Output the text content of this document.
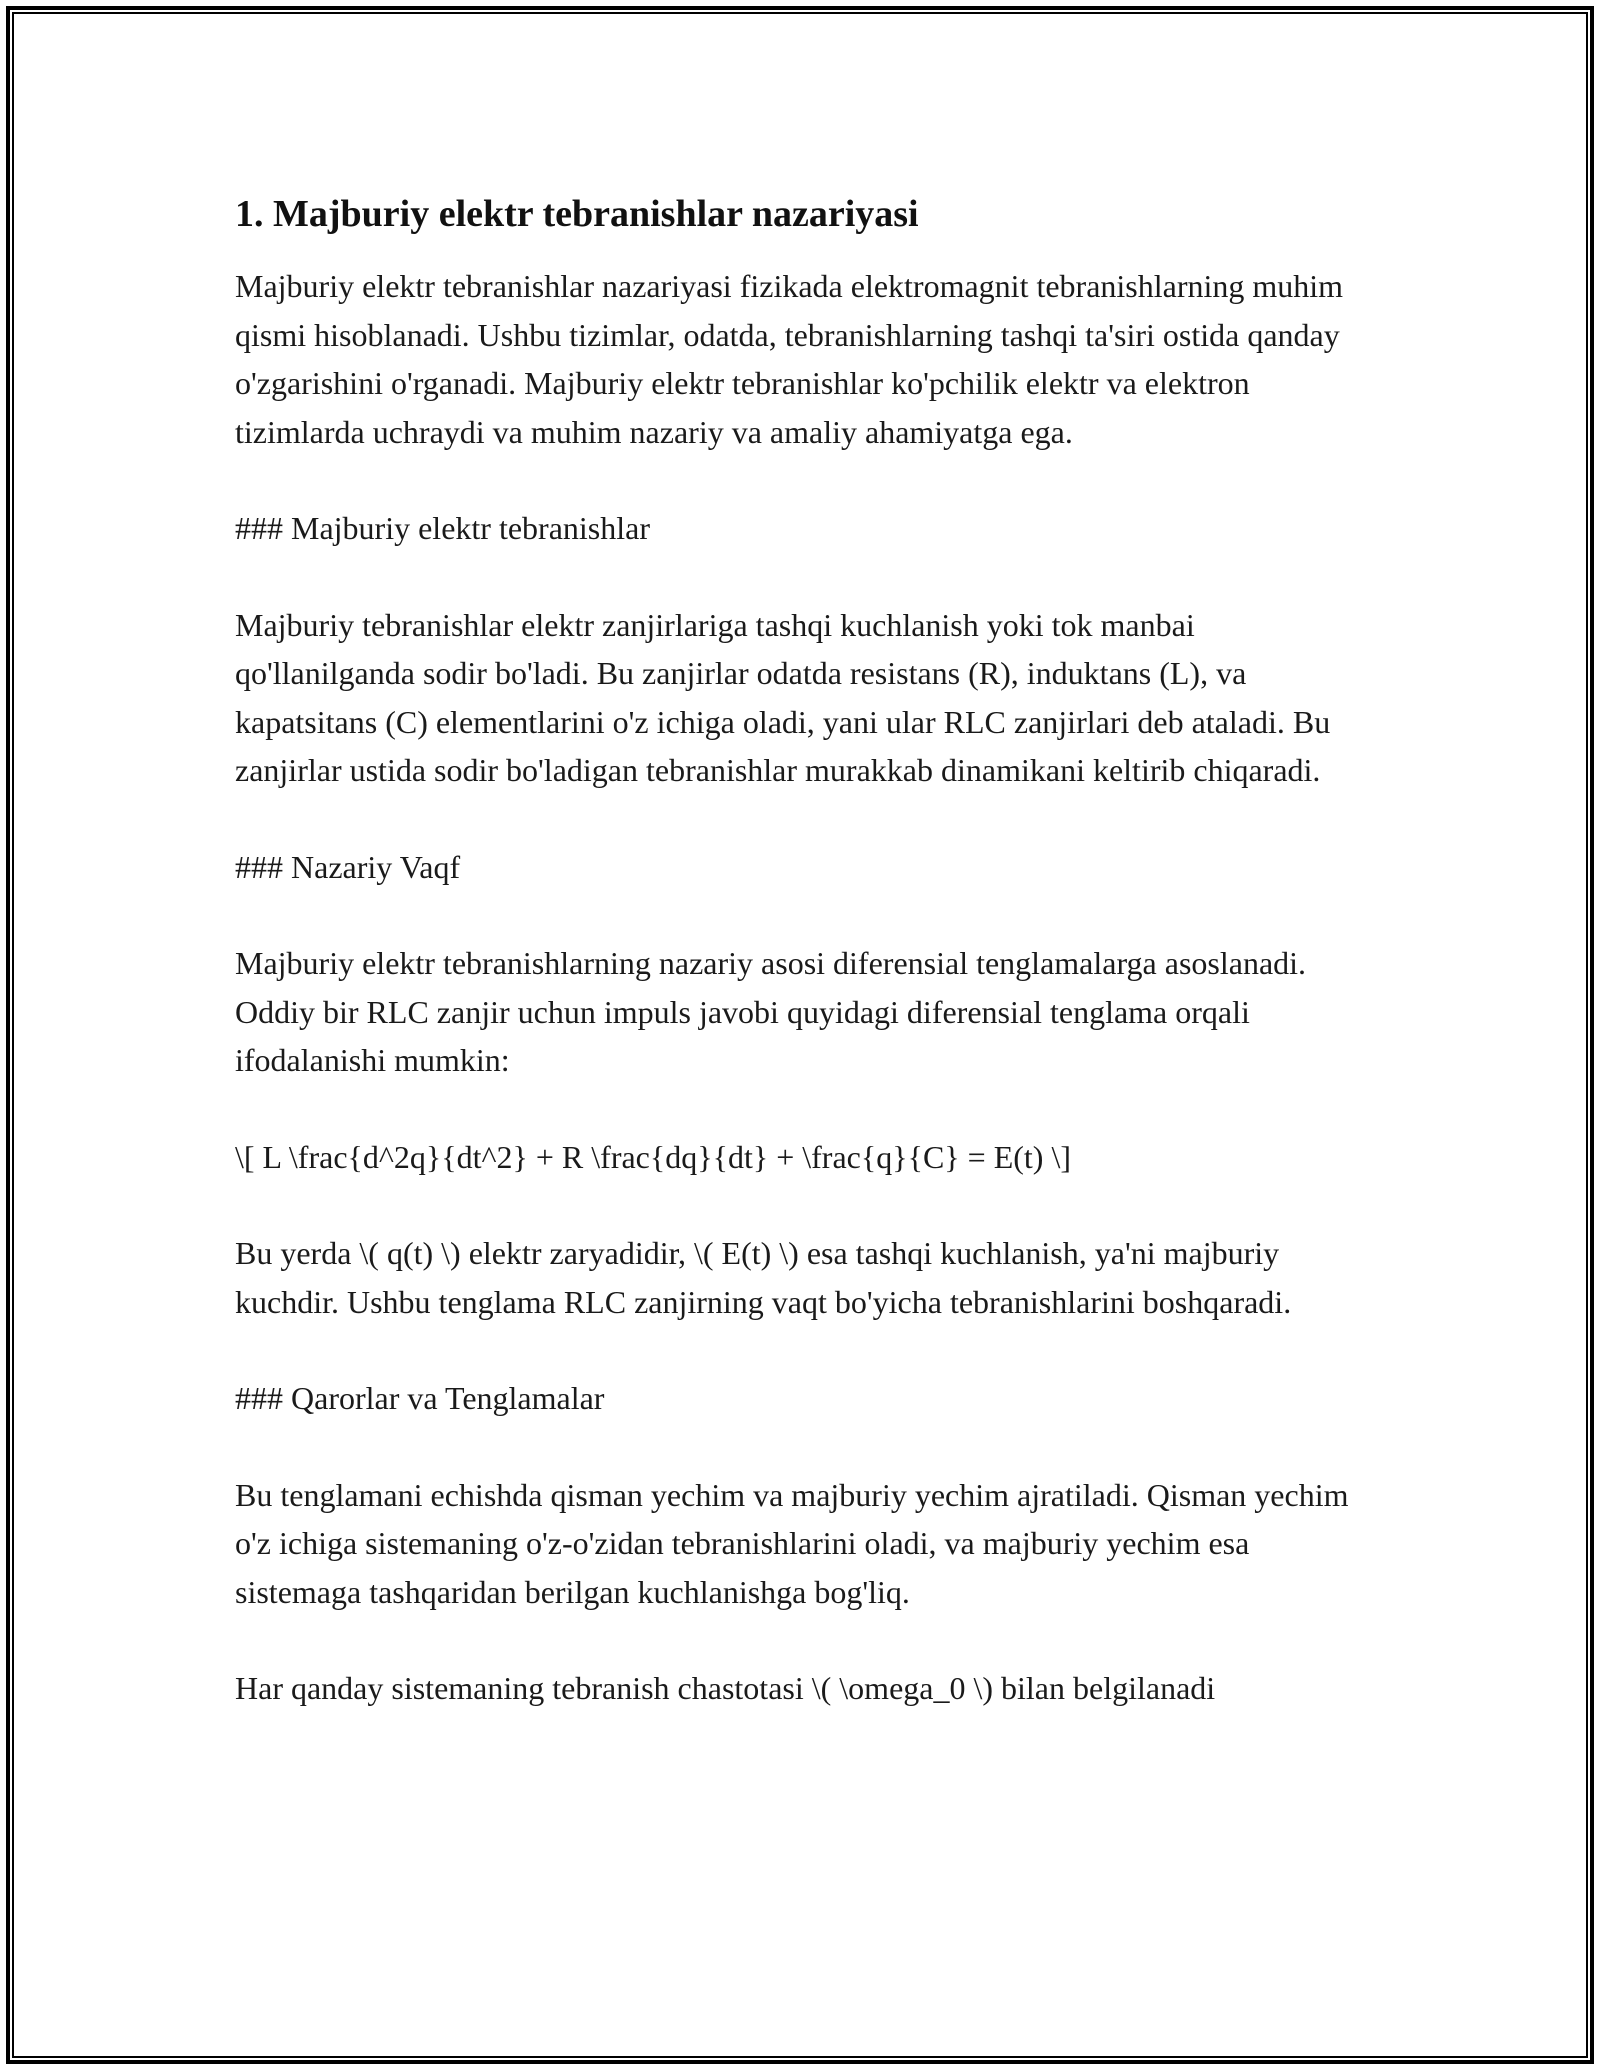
1. Majburiy elektr tebranishlar nazariyasi

Majburiy elektr tebranishlar nazariyasi fizikada elektromagnit tebranishlarning muhim qismi hisoblanadi. Ushbu tizimlar, odatda, tebranishlarning tashqi ta'siri ostida qanday o'zgarishini o'rganadi. Majburiy elektr tebranishlar ko'pchilik elektr va elektron tizimlarda uchraydi va muhim nazariy va amaliy ahamiyatga ega.

### Majburiy elektr tebranishlar

Majburiy tebranishlar elektr zanjirlariga tashqi kuchlanish yoki tok manbai qo'llanilganda sodir bo'ladi. Bu zanjirlar odatda resistans (R), induktans (L), va kapatsitans (C) elementlarini o'z ichiga oladi, yani ular RLC zanjirlari deb ataladi. Bu zanjirlar ustida sodir bo'ladigan tebranishlar murakkab dinamikani keltirib chiqaradi.

### Nazariy Vaqf

Majburiy elektr tebranishlarning nazariy asosi diferensial tenglamalarga asoslanadi. Oddiy bir RLC zanjir uchun impuls javobi quyidagi diferensial tenglama orqali ifodalanishi mumkin:

\[ L \frac{d^2q}{dt^2} + R \frac{dq}{dt} + \frac{q}{C} = E(t) \]

Bu yerda \( q(t) \) elektr zaryadidir, \( E(t) \) esa tashqi kuchlanish, ya'ni majburiy kuchdir. Ushbu tenglama RLC zanjirning vaqt bo'yicha tebranishlarini boshqaradi.

### Qarorlar va Tenglamalar

Bu tenglamani echishda qisman yechim va majburiy yechim ajratiladi. Qisman yechim o'z ichiga sistemaning o'z-o'zidan tebranishlarini oladi, va majburiy yechim esa sistemaga tashqaridan berilgan kuchlanishga bog'liq.

Har qanday sistemaning tebranish chastotasi \( \omega_0 \) bilan belgilanadi
